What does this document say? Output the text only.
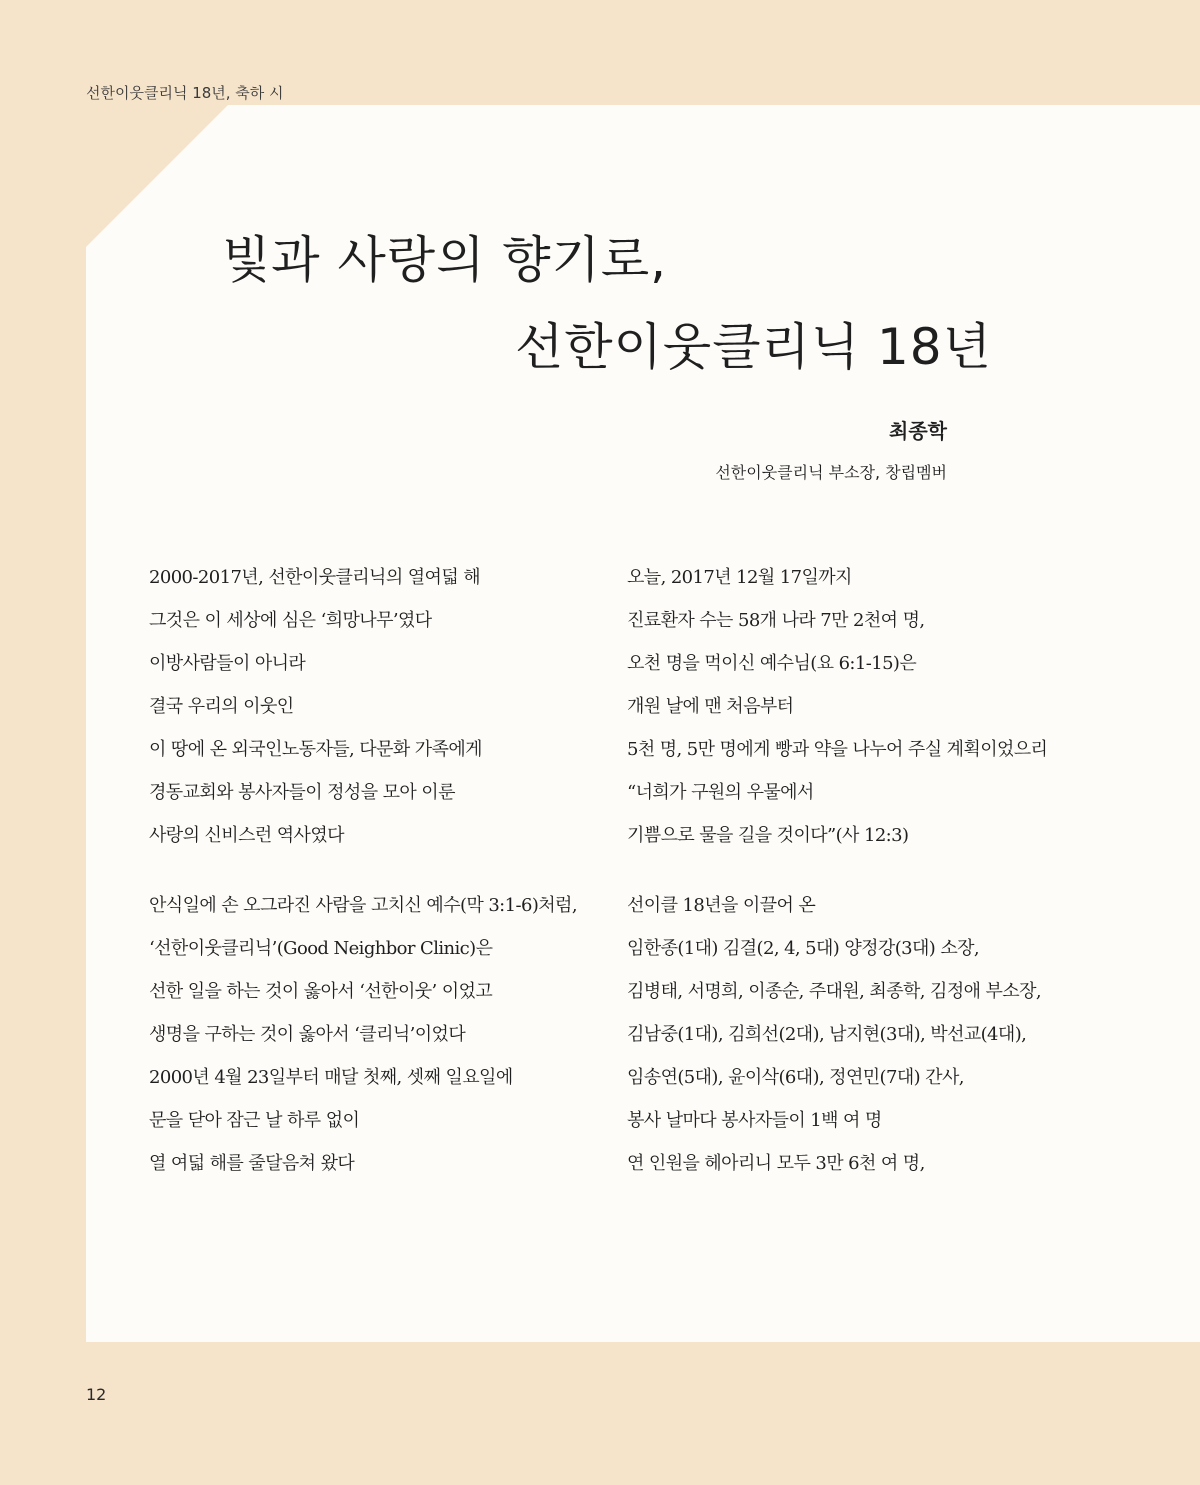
선한이웃클리닉 18년, 축하 시
빛과 사랑의 향기로,
선한이웃클리닉 18년
최종학
선한이웃클리닉 부소장, 창립멤버
2000-2017년, 선한이웃클리닉의 열여덟 해
그것은 이 세상에 심은 ‘희망나무’였다
이방사람들이 아니라
결국 우리의 이웃인
이 땅에 온 외국인노동자들, 다문화 가족에게
경동교회와 봉사자들이 정성을 모아 이룬
사랑의 신비스런 역사였다
오늘, 2017년 12월 17일까지
진료환자 수는 58개 나라 7만 2천여 명,
오천 명을 먹이신 예수님(요 6:1-15)은
개원 날에 맨 처음부터
5천 명, 5만 명에게 빵과 약을 나누어 주실 계획이었으리
“너희가 구원의 우물에서
기쁨으로 물을 길을 것이다”(사 12:3)
안식일에 손 오그라진 사람을 고치신 예수(막 3:1-6)처럼,
‘선한이웃클리닉’(Good Neighbor Clinic)은
선한 일을 하는 것이 옳아서 ‘선한이웃’ 이었고
생명을 구하는 것이 옳아서 ‘클리닉’이었다
2000년 4월 23일부터 매달 첫째, 셋째 일요일에
문을 닫아 잠근 날 하루 없이
열 여덟 해를 줄달음쳐 왔다
선이클 18년을 이끌어 온
임한종(1대) 김결(2, 4, 5대) 양정강(3대) 소장,
김병태, 서명희, 이종순, 주대원, 최종학, 김정애 부소장,
김남중(1대), 김희선(2대), 남지현(3대), 박선교(4대),
임송연(5대), 윤이삭(6대), 정연민(7대) 간사,
봉사 날마다 봉사자들이 1백 여 명
연 인원을 헤아리니 모두 3만 6천 여 명,
12
